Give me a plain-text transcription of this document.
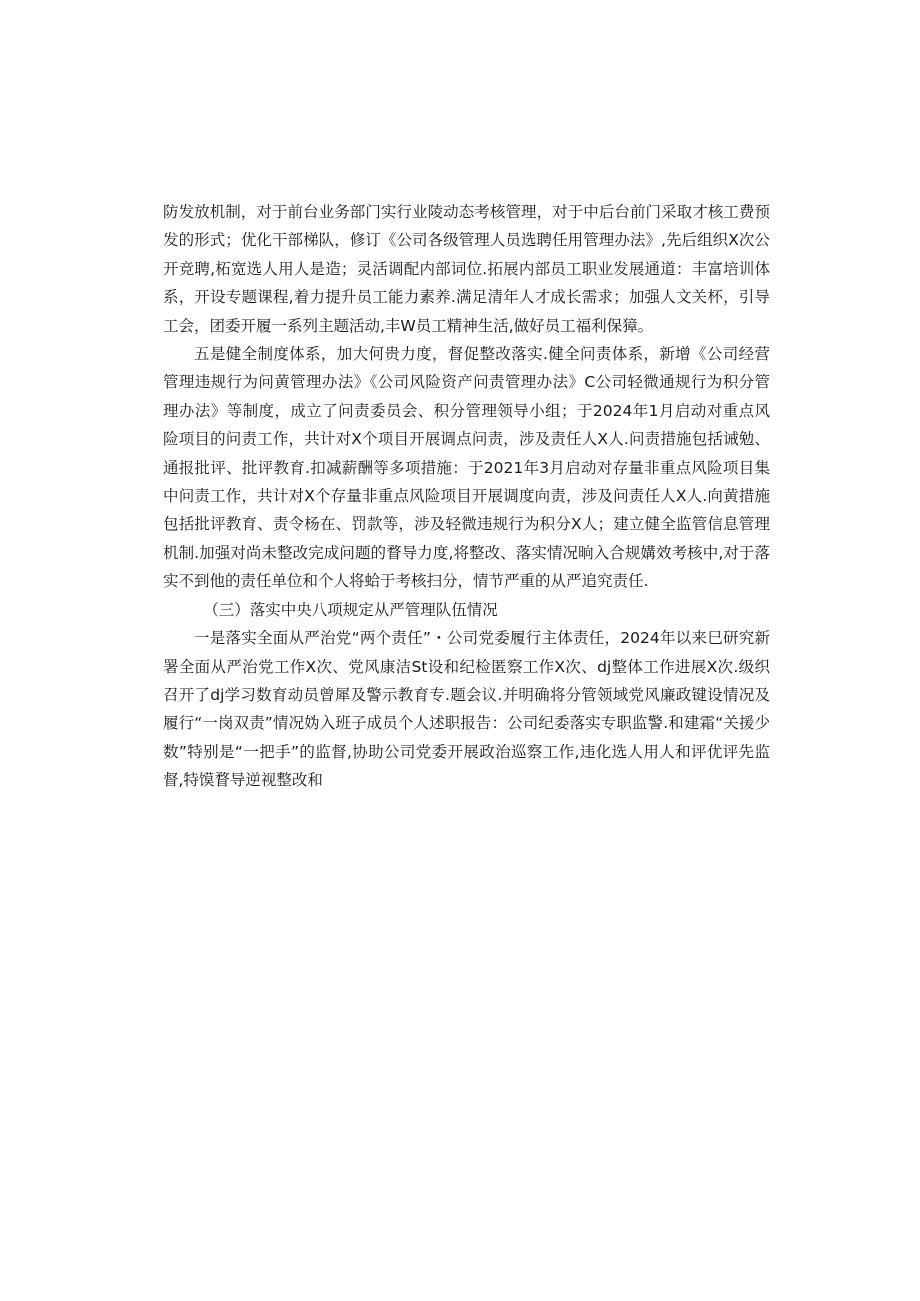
防发放机制，对于前台业务部门实行业陵动态考核管理，对于中后台前门采取才核工费预发的形式；优化干部梯队，修订《公司各级管理人员选聘任用管理办法》,先后组织X次公开竞聘,柘宽选人用人是造；灵活调配内部词位.拓展内部员工职业发展通道：丰富培训体系，开设专题课程,着力提升员工能力素养.满足清年人才成长需求；加强人文关杯，引导工会，团委开履一系列主题活动,丰W员工精神生活,做好员工福利保獐。

五是健全制度体系，加大何贵力度，督促整改落实.健全问责体系，新增《公司经营管理违规行为问黄管理办法》《公司风险资产问责管理办法》C公司轻微通规行为积分管理办法》等制度，成立了问责委员会、积分管理领导小组；于2024年1月启动对重点风险项目的问责工作，共计对X个项目开展调点问责，涉及责任人X人.问责措施包括诫勉、通报批评、批评教育.扣减薪酬等多项措施：于2021年3月启动对存量非重点风险项目集中问责工作，共计对X个存量非重点风险项目开展调度向责，涉及问责任人X人.向黄措施包括批评教育、责令杨在、罚款等，涉及轻微违规行为积分X人；建立健全监管信息管理机制.加强对尚未整改完成问题的瞀导力度,将整改、落实情况晌入合规媾效考核中,对于落实不到他的责任单位和个人将蛤于考核扫分，情节严重的从严追究责任.

（三）落实中央八项规定从严管理队伍情况

一是落实全面从严治党“两个责任”・公司党委履行主体责任，2024年以来巳研究新署全面从严治党工作X次、党风康洁St设和纪检匿察工作X次、dj整体工作进展X次.级织召开了dj学习数育动员曾犀及警示教育专.题会议.并明确将分管领域党风廉政键设情况及履行“一岗双责”情况妫入班子成员个人述职报告：公司纪委落实专职监警.和建霜“关援少数”特别是“一把手”的监督,协助公司党委开展政治巡察工作,违化选人用人和评优评先监督,特馍瞀导逆视整改和
